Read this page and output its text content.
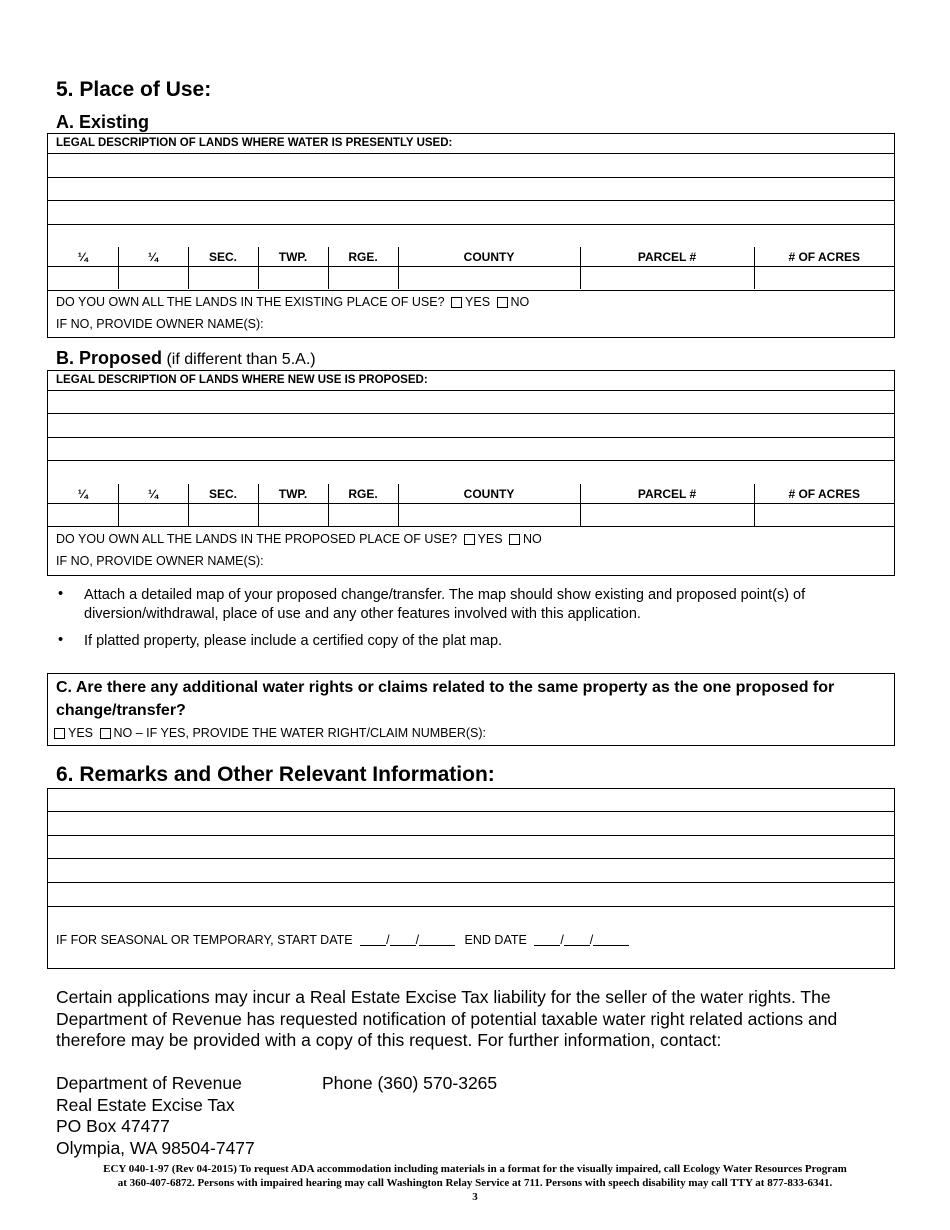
5. Place of Use:
A. Existing
LEGAL DESCRIPTION OF LANDS WHERE WATER IS PRESENTLY USED:
¼	¼	SEC.	TWP.	RGE.	COUNTY	PARCEL #	# OF ACRES

DO YOU OWN ALL THE LANDS IN THE EXISTING PLACE OF USE? YES NO
IF NO, PROVIDE OWNER NAME(S):
B. Proposed (if different than 5.A.)
LEGAL DESCRIPTION OF LANDS WHERE NEW USE IS PROPOSED:
¼	¼	SEC.	TWP.	RGE.	COUNTY	PARCEL #	# OF ACRES

DO YOU OWN ALL THE LANDS IN THE PROPOSED PLACE OF USE? YES NO
IF NO, PROVIDE OWNER NAME(S):
• Attach a detailed map of your proposed change/transfer. The map should show existing and proposed point(s) of diversion/withdrawal, place of use and any other features involved with this application.
• If platted property, please include a certified copy of the plat map.
C. Are there any additional water rights or claims related to the same property as the one proposed for change/transfer?
YES NO – IF YES, PROVIDE THE WATER RIGHT/CLAIM NUMBER(S):
6. Remarks and Other Relevant Information:
IF FOR SEASONAL OR TEMPORARY, START DATE	/ /	END DATE	/ /
Certain applications may incur a Real Estate Excise Tax liability for the seller of the water rights. The Department of Revenue has requested notification of potential taxable water right related actions and therefore may be provided with a copy of this request. For further information, contact:
Department of Revenue
Real Estate Excise Tax
PO Box 47477
Olympia, WA 98504-7477
Phone (360) 570-3265
ECY 040-1-97 (Rev 04-2015) To request ADA accommodation including materials in a format for the visually impaired, call Ecology Water Resources Program
at 360-407-6872. Persons with impaired hearing may call Washington Relay Service at 711. Persons with speech disability may call TTY at 877-833-6341.
3
